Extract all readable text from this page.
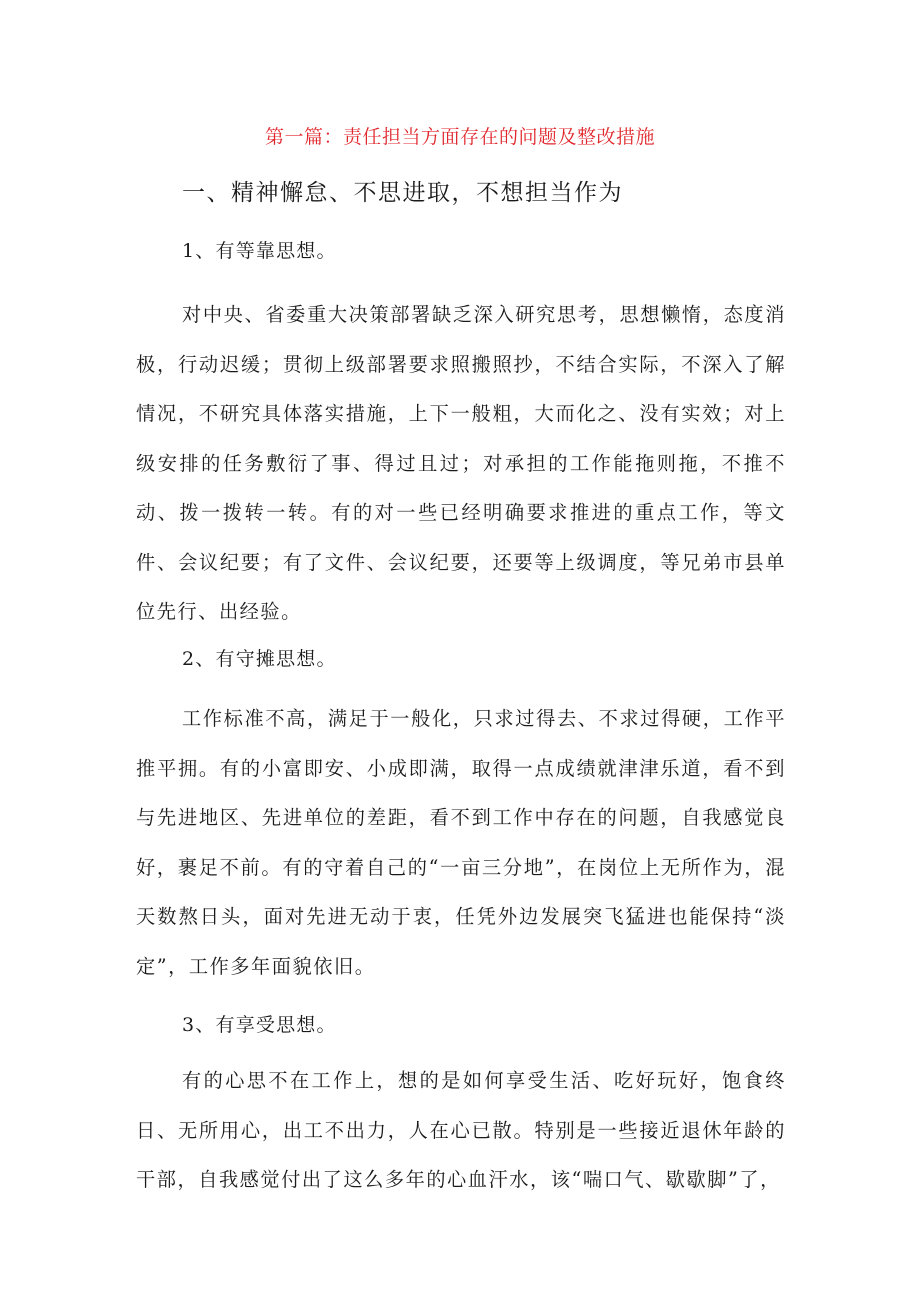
第一篇：责任担当方面存在的问题及整改措施
一、精神懈怠、不思进取，不想担当作为
1、有等靠思想。
对中央、省委重大决策部署缺乏深入研究思考，思想懒惰，态度消极，行动迟缓；贯彻上级部署要求照搬照抄，不结合实际，不深入了解情况，不研究具体落实措施，上下一般粗，大而化之、没有实效；对上级安排的任务敷衍了事、得过且过；对承担的工作能拖则拖，不推不动、拨一拨转一转。有的对一些已经明确要求推进的重点工作，等文件、会议纪要；有了文件、会议纪要，还要等上级调度，等兄弟市县单位先行、出经验。
2、有守摊思想。
工作标准不高，满足于一般化，只求过得去、不求过得硬，工作平推平拥。有的小富即安、小成即满，取得一点成绩就津津乐道，看不到与先进地区、先进单位的差距，看不到工作中存在的问题，自我感觉良好，裹足不前。有的守着自己的“一亩三分地”，在岗位上无所作为，混天数熬日头，面对先进无动于衷，任凭外边发展突飞猛进也能保持“淡定”，工作多年面貌依旧。
3、有享受思想。
有的心思不在工作上，想的是如何享受生活、吃好玩好，饱食终日、无所用心，出工不出力，人在心已散。特别是一些接近退休年龄的干部，自我感觉付出了这么多年的心血汗水，该“喘口气、歇歇脚”了，
